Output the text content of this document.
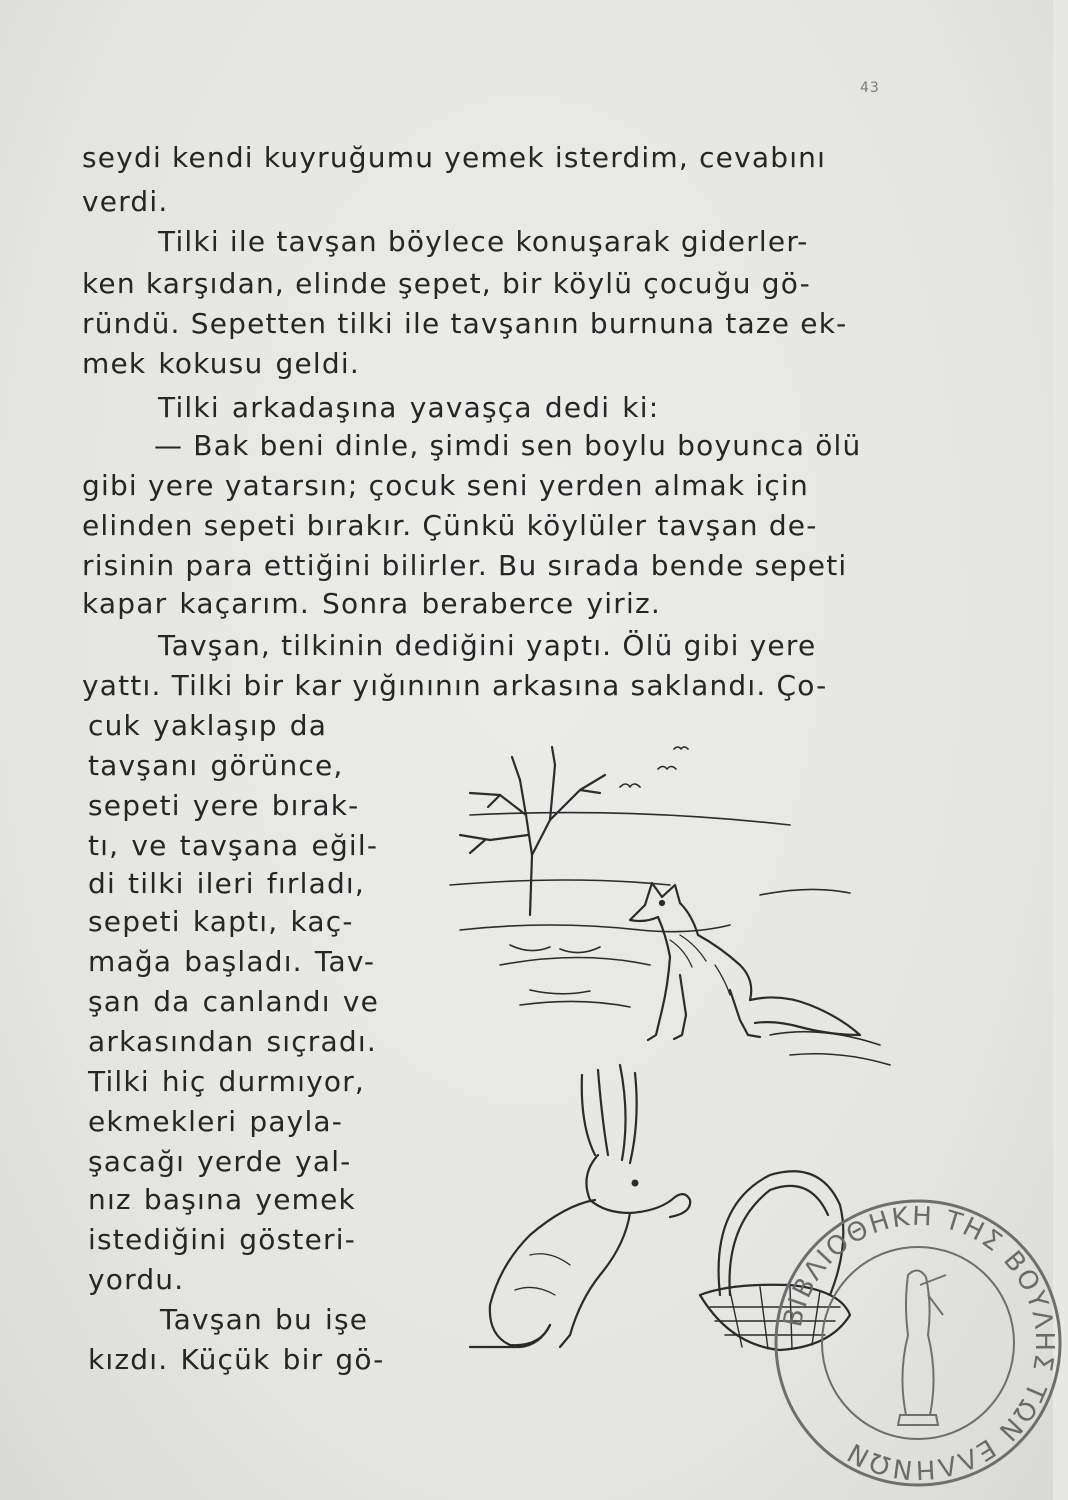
43
seydi kendi kuyruğumu yemek isterdim, cevabını
verdi.
Tilki ile tavşan böylece konuşarak giderler-
ken karşıdan, elinde şepet, bir köylü çocuğu gö-
ründü. Sepetten tilki ile tavşanın burnuna taze ek-
mek kokusu geldi.
Tilki arkadaşına yavaşça dedi ki:
— Bak beni dinle, şimdi sen boylu boyunca ölü
gibi yere yatarsın; çocuk seni yerden almak için
elinden sepeti bırakır. Çünkü köylüler tavşan de-
risinin para ettiğini bilirler. Bu sırada bende sepeti
kapar kaçarım. Sonra beraberce yiriz.
Tavşan, tilkinin dediğini yaptı. Ölü gibi yere
yattı. Tilki bir kar yığınının arkasına saklandı. Ço-
cuk yaklaşıp da
tavşanı görünce,
sepeti yere bırak-
tı, ve tavşana eğil-
di tilki ileri fırladı,
sepeti kaptı, kaç-
mağa başladı. Tav-
şan da canlandı ve
arkasından sıçradı.
Tilki hiç durmıyor,
ekmekleri payla-
şacağı yerde yal-
nız başına yemek
istediğini gösteri-
yordu.
Tavşan bu işe
kızdı. Küçük bir gö-
ΒΙΒΛΙΟΘΗΚΗ ΤΗΣ ΒΟΥΛΗΣ ΤΩΝ ΕΛΛΗΝΩΝ
